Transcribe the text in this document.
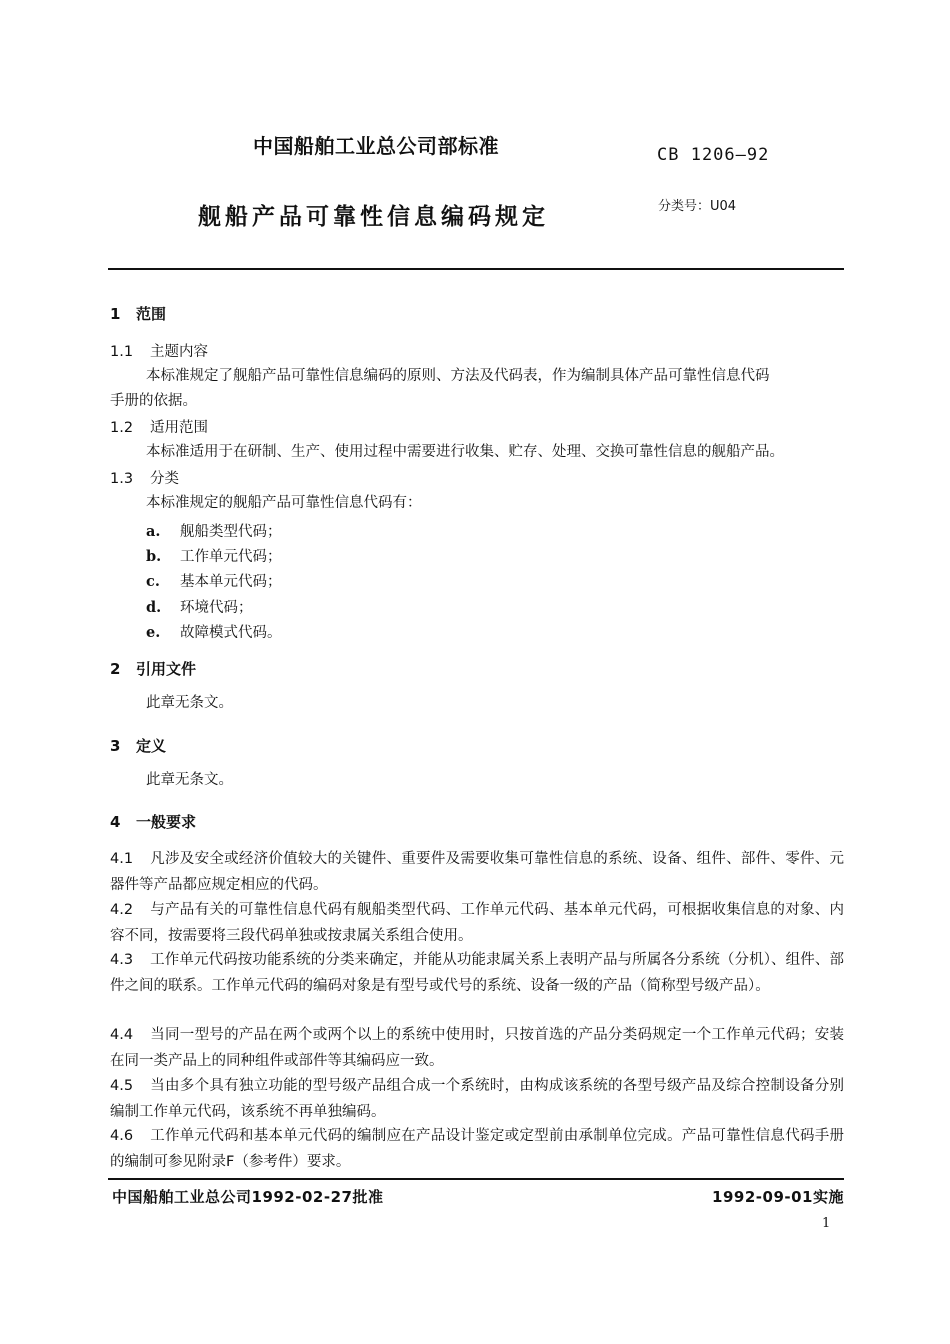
中国船舶工业总公司部标准	CB 1206—92
舰船产品可靠性信息编码规定	分类号：U04
1 范围
1.1 主题内容
本标准规定了舰船产品可靠性信息编码的原则、方法及代码表，作为编制具体产品可靠性信息代码
手册的依据。
1.2 适用范围
本标准适用于在研制、生产、使用过程中需要进行收集、贮存、处理、交换可靠性信息的舰船产品。
1.3 分类
本标准规定的舰船产品可靠性信息代码有：
a. 舰船类型代码；
b. 工作单元代码；
c. 基本单元代码；
d. 环境代码；
e. 故障模式代码。
2 引用文件
此章无条文。
3 定义
此章无条文。
4 一般要求
4.1 凡涉及安全或经济价值较大的关键件、重要件及需要收集可靠性信息的系统、设备、组件、部件、零件、元器件等产品都应规定相应的代码。
4.2 与产品有关的可靠性信息代码有舰船类型代码、工作单元代码、基本单元代码，可根据收集信息的对象、内容不同，按需要将三段代码单独或按隶属关系组合使用。
4.3 工作单元代码按功能系统的分类来确定，并能从功能隶属关系上表明产品与所属各分系统（分机）、组件、部件之间的联系。工作单元代码的编码对象是有型号或代号的系统、设备一级的产品（简称型号级产品）。
4.4 当同一型号的产品在两个或两个以上的系统中使用时，只按首选的产品分类码规定一个工作单元代码；安装在同一类产品上的同种组件或部件等其编码应一致。
4.5 当由多个具有独立功能的型号级产品组合成一个系统时，由构成该系统的各型号级产品及综合控制设备分别编制工作单元代码，该系统不再单独编码。
4.6 工作单元代码和基本单元代码的编制应在产品设计鉴定或定型前由承制单位完成。产品可靠性信息代码手册的编制可参见附录F（参考件）要求。
中国船舶工业总公司1992-02-27批准	1992-09-01实施
1
